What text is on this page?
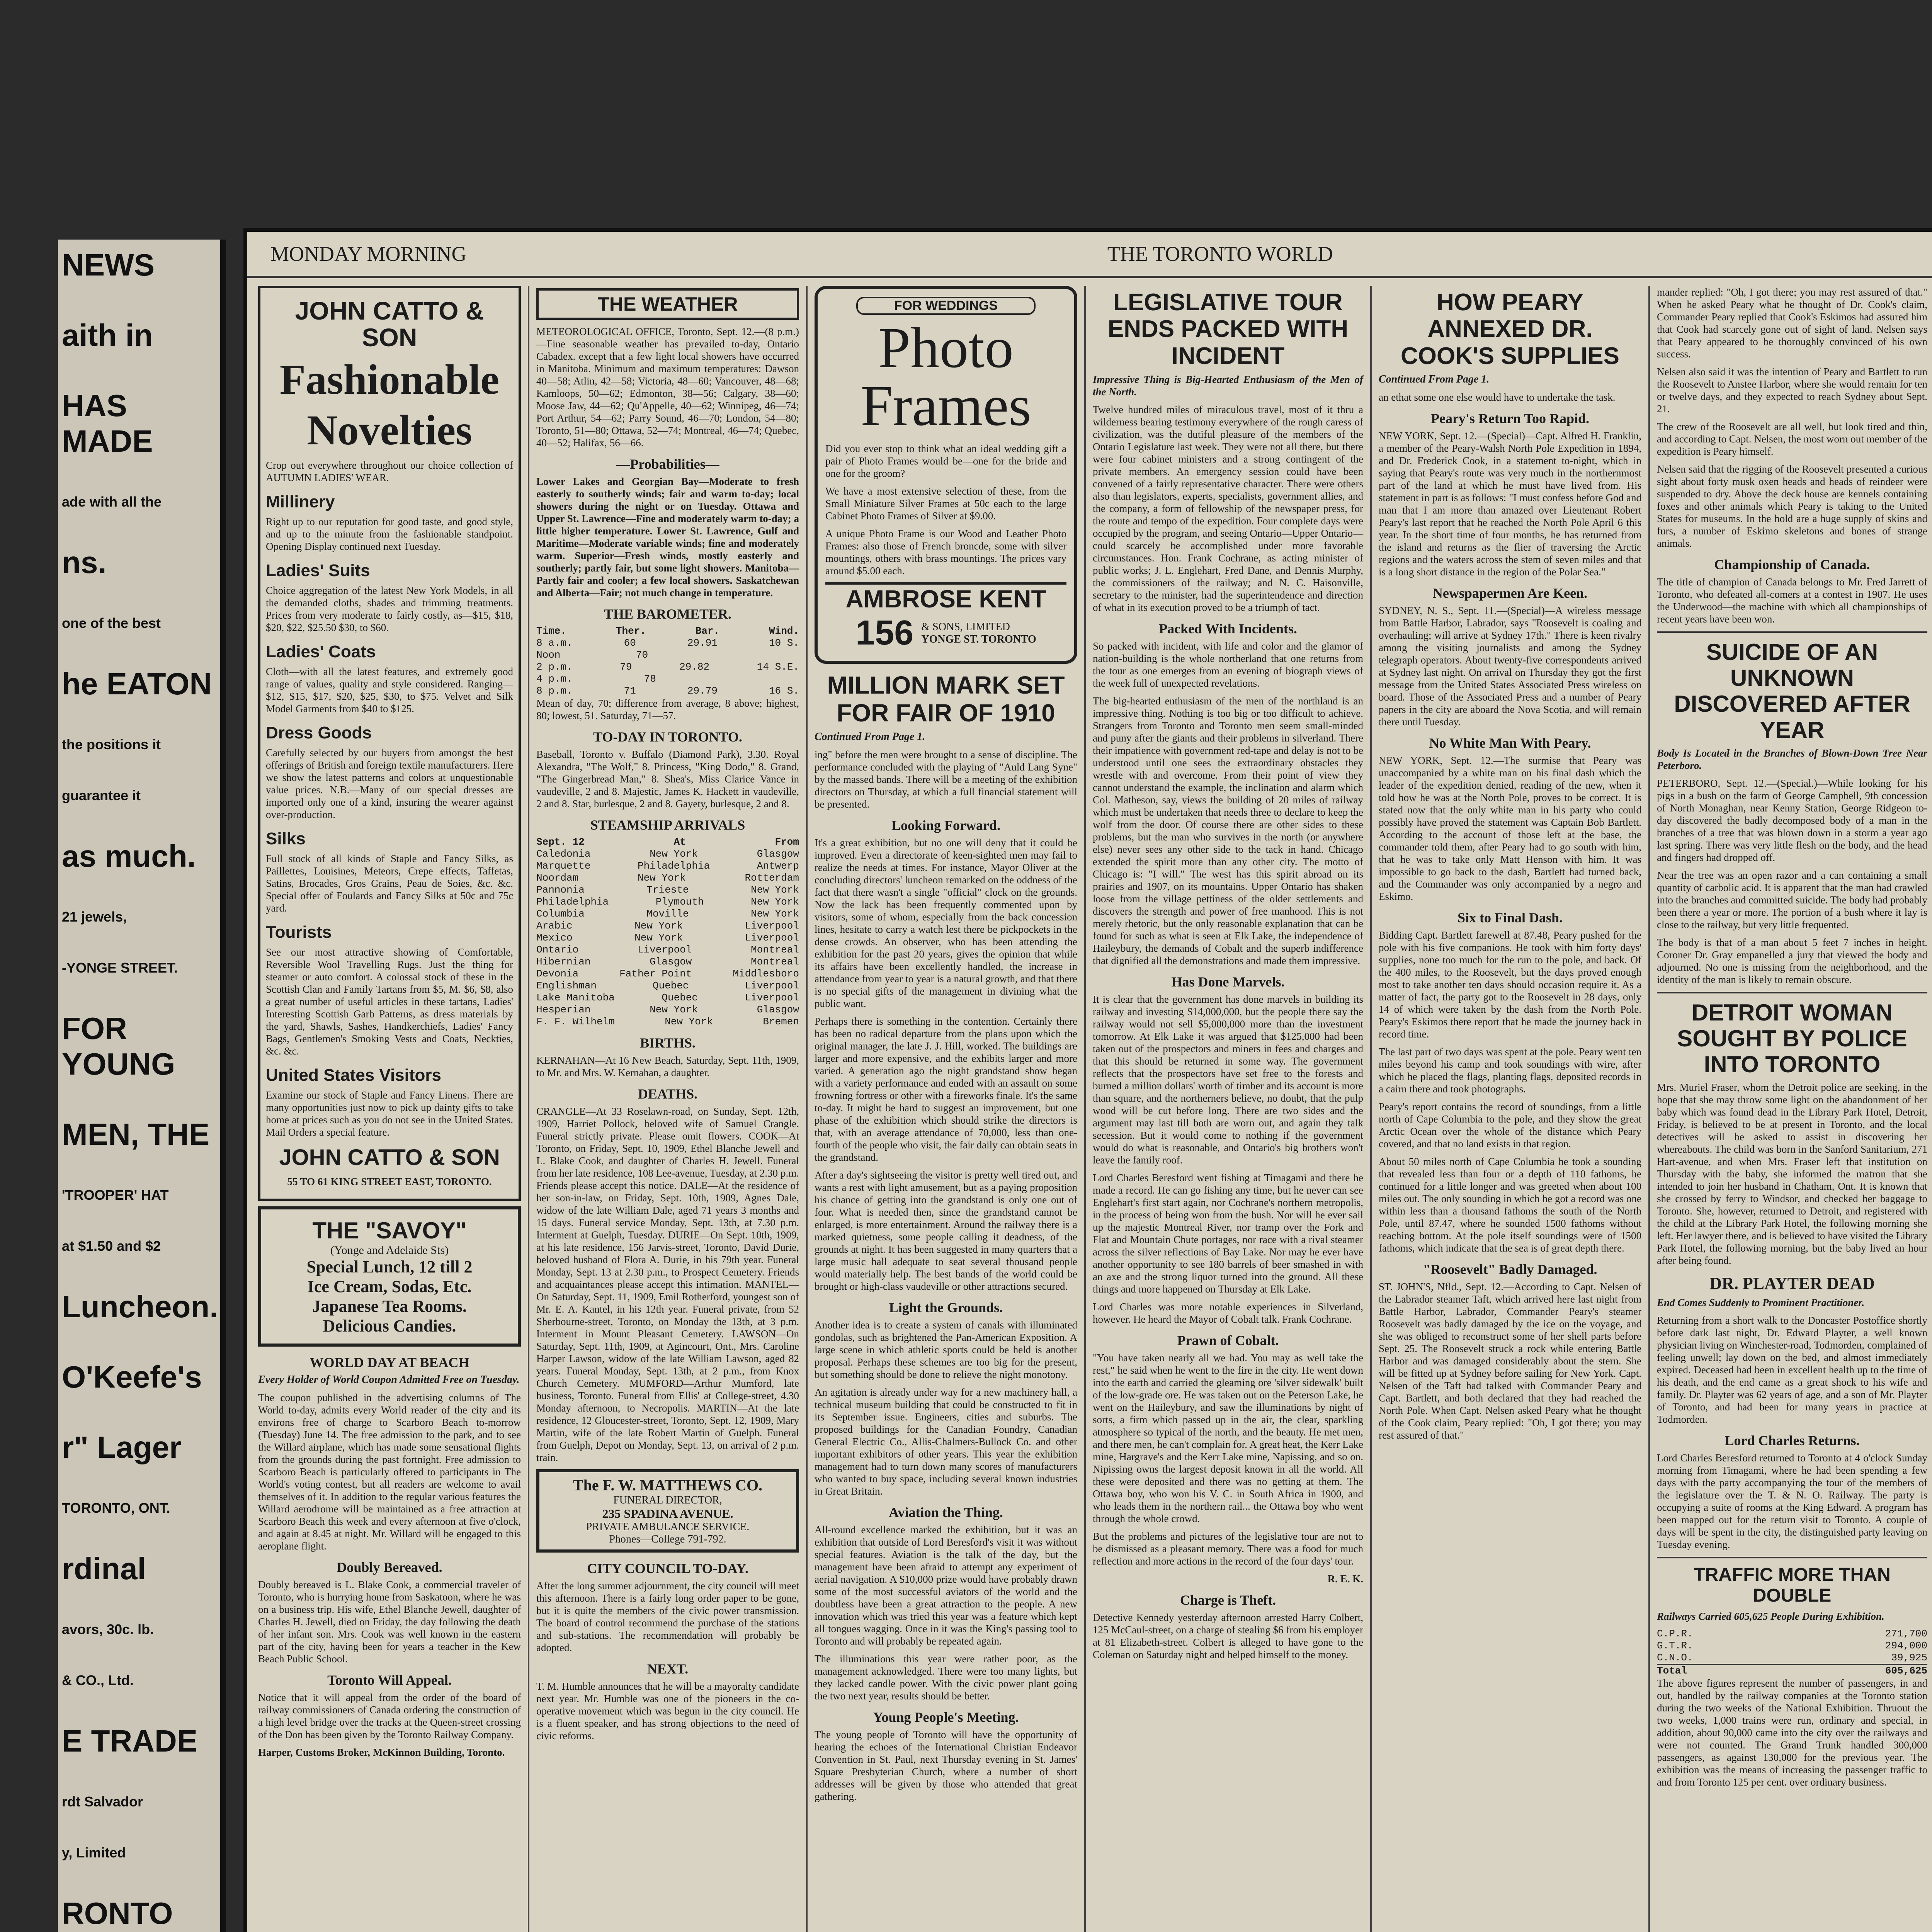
NEWS
aith in
HAS MADE
ade with all the
ns.
one of the best
he EATON
the positions it
guarantee it
as much.
21 jewels,
-YONGE STREET.
FOR YOUNG
MEN, THE
'TROOPER' HAT
at $1.50 and $2
Luncheon.
O'Keefe's
r" Lager
TORONTO, ONT.
rdinal
avors, 30c. lb.
& CO., Ltd.
E TRADE
rdt Salvador
y, Limited
RONTO
MONDAY MORNING	THE TORONTO WORLD

JOHN CATTO & SON
Fashionable
Novelties

Crop out everywhere throughout our choice collection of AUTUMN LADIES' WEAR.

Millinery

Right up to our reputation for good taste, and good style, and up to the minute from the fashionable standpoint. Opening Display continued next Tuesday.

Ladies' Suits

Choice aggregation of the latest New York Models, in all the demanded cloths, shades and trimming treatments. Prices from very moderate to fairly costly, as—$15, $18, $20, $22, $25.50 $30, to $60.

Ladies' Coats

Cloth—with all the latest features, and extremely good range of values, quality and style considered. Ranging—$12, $15, $17, $20, $25, $30, to $75. Velvet and Silk Model Garments from $40 to $125.

Dress Goods

Carefully selected by our buyers from amongst the best offerings of British and foreign textile manufacturers. Here we show the latest patterns and colors at unquestionable value prices. N.B.—Many of our special dresses are imported only one of a kind, insuring the wearer against over-production.

Silks

Full stock of all kinds of Staple and Fancy Silks, as Paillettes, Louisines, Meteors, Crepe effects, Taffetas, Satins, Brocades, Gros Grains, Peau de Soies, &c. &c. Special offer of Foulards and Fancy Silks at 50c and 75c yard.

Tourists

See our most attractive showing of Comfortable, Reversible Wool Travelling Rugs. Just the thing for steamer or auto comfort. A colossal stock of these in the Scottish Clan and Family Tartans from $5, M. $6, $8, also a great number of useful articles in these tartans, Ladies' Interesting Scottish Garb Patterns, as dress materials by the yard, Shawls, Sashes, Handkerchiefs, Ladies' Fancy Bags, Gentlemen's Smoking Vests and Coats, Neckties, &c. &c.

United States Visitors

Examine our stock of Staple and Fancy Linens. There are many opportunities just now to pick up dainty gifts to take home at prices such as you do not see in the United States. Mail Orders a special feature.

JOHN CATTO & SON

55 TO 61 KING STREET EAST, TORONTO.

THE "SAVOY"
(Yonge and Adelaide Sts)
Special Lunch, 12 till 2
Ice Cream, Sodas, Etc.
Japanese Tea Rooms.
Delicious Candies.
WORLD DAY AT BEACH

Every Holder of World Coupon Admitted Free on Tuesday.

The coupon published in the advertising columns of The World to-day, admits every World reader of the city and its environs free of charge to Scarboro Beach to-morrow (Tuesday) June 14. The free admission to the park, and to see the Willard airplane, which has made some sensational flights from the grounds during the past fortnight. Free admission to Scarboro Beach is particularly offered to participants in The World's voting contest, but all readers are welcome to avail themselves of it. In addition to the regular various features the Willard aerodrome will be maintained as a free attraction at Scarboro Beach this week and every afternoon at five o'clock, and again at 8.45 at night. Mr. Willard will be engaged to this aeroplane flight.

Doubly Bereaved.

Doubly bereaved is L. Blake Cook, a commercial traveler of Toronto, who is hurrying home from Saskatoon, where he was on a business trip. His wife, Ethel Blanche Jewell, daughter of Charles H. Jewell, died on Friday, the day following the death of her infant son. Mrs. Cook was well known in the eastern part of the city, having been for years a teacher in the Kew Beach Public School.

Toronto Will Appeal.

Notice that it will appeal from the order of the board of railway commissioners of Canada ordering the construction of a high level bridge over the tracks at the Queen-street crossing of the Don has been given by the Toronto Railway Company.

Harper, Customs Broker, McKinnon Building, Toronto.

THE WEATHER

METEOROLOGICAL OFFICE, Toronto, Sept. 12.—(8 p.m.)—Fine seasonable weather has prevailed to-day, Ontario Cabadex. except that a few light local showers have occurred in Manitoba. Minimum and maximum temperatures: Dawson 40—58; Atlin, 42—58; Victoria, 48—60; Vancouver, 48—68; Kamloops, 50—62; Edmonton, 38—56; Calgary, 38—60; Moose Jaw, 44—62; Qu'Appelle, 40—62; Winnipeg, 46—74; Port Arthur, 54—62; Parry Sound, 46—70; London, 54—80; Toronto, 51—80; Ottawa, 52—74; Montreal, 46—74; Quebec, 40—52; Halifax, 56—66.

—Probabilities—

Lower Lakes and Georgian Bay—Moderate to fresh easterly to southerly winds; fair and warm to-day; local showers during the night or on Tuesday. Ottawa and Upper St. Lawrence—Fine and moderately warm to-day; a little higher temperature. Lower St. Lawrence, Gulf and Maritime—Moderate variable winds; fine and moderately warm. Superior—Fresh winds, mostly easterly and southerly; partly fair, but some light showers. Manitoba—Partly fair and cooler; a few local showers. Saskatchewan and Alberta—Fair; not much change in temperature.

THE BAROMETER.
Time.	Ther.	Bar.	Wind.
8 a.m.	60	29.91	10 S.
Noon	70
2 p.m.	79	29.82	14 S.E.
4 p.m.	78
8 p.m.	71	29.79	16 S.

Mean of day, 70; difference from average, 8 above; highest, 80; lowest, 51. Saturday, 71—57.

TO-DAY IN TORONTO.

Baseball, Toronto v. Buffalo (Diamond Park), 3.30. Royal Alexandra, "The Wolf," 8. Princess, "King Dodo," 8. Grand, "The Gingerbread Man," 8. Shea's, Miss Clarice Vance in vaudeville, 2 and 8. Majestic, James K. Hackett in vaudeville, 2 and 8. Star, burlesque, 2 and 8. Gayety, burlesque, 2 and 8.

STEAMSHIP ARRIVALS
Sept. 12	At	From
Caledonia	New York	Glasgow
Marquette	Philadelphia	Antwerp
Noordam	New York	Rotterdam
Pannonia	Trieste	New York
Philadelphia	Plymouth	New York
Columbia	Moville	New York
Arabic	New York	Liverpool
Mexico	New York	Liverpool
Ontario	Liverpool	Montreal
Hibernian	Glasgow	Montreal
Devonia	Father Point	Middlesboro
Englishman	Quebec	Liverpool
Lake Manitoba	Quebec	Liverpool
Hesperian	New York	Glasgow
F. F. Wilhelm	New York	Bremen
BIRTHS.

KERNAHAN—At 16 New Beach, Saturday, Sept. 11th, 1909, to Mr. and Mrs. W. Kernahan, a daughter.

DEATHS.

CRANGLE—At 33 Roselawn-road, on Sunday, Sept. 12th, 1909, Harriet Pollock, beloved wife of Samuel Crangle. Funeral strictly private. Please omit flowers. COOK—At Toronto, on Friday, Sept. 10, 1909, Ethel Blanche Jewell and L. Blake Cook, and daughter of Charles H. Jewell. Funeral from her late residence, 108 Lee-avenue, Tuesday, at 2.30 p.m. Friends please accept this notice. DALE—At the residence of her son-in-law, on Friday, Sept. 10th, 1909, Agnes Dale, widow of the late William Dale, aged 71 years 3 months and 15 days. Funeral service Monday, Sept. 13th, at 7.30 p.m. Interment at Guelph, Tuesday. DURIE—On Sept. 10th, 1909, at his late residence, 156 Jarvis-street, Toronto, David Durie, beloved husband of Flora A. Durie, in his 79th year. Funeral Monday, Sept. 13 at 2.30 p.m., to Prospect Cemetery. Friends and acquaintances please accept this intimation. MANTEL—On Saturday, Sept. 11, 1909, Emil Rotherford, youngest son of Mr. E. A. Kantel, in his 12th year. Funeral private, from 52 Sherbourne-street, Toronto, on Monday the 13th, at 3 p.m. Interment in Mount Pleasant Cemetery. LAWSON—On Saturday, Sept. 11th, 1909, at Agincourt, Ont., Mrs. Caroline Harper Lawson, widow of the late William Lawson, aged 82 years. Funeral Monday, Sept. 13th, at 2 p.m., from Knox Church Cemetery. MUMFORD—Arthur Mumford, late business, Toronto. Funeral from Ellis' at College-street, 4.30 Monday afternoon, to Necropolis. MARTIN—At the late residence, 12 Gloucester-street, Toronto, Sept. 12, 1909, Mary Martin, wife of the late Robert Martin of Guelph. Funeral from Guelph, Depot on Monday, Sept. 13, on arrival of 2 p.m. train.

The F. W. MATTHEWS CO.
FUNERAL DIRECTOR,
235 SPADINA AVENUE.
PRIVATE AMBULANCE SERVICE.
Phones—College 791-792.
CITY COUNCIL TO-DAY.

After the long summer adjournment, the city council will meet this afternoon. There is a fairly long order paper to be gone, but it is quite the members of the civic power transmission. The board of control recommend the purchase of the stations and sub-stations. The recommendation will probably be adopted.

NEXT.

T. M. Humble announces that he will be a mayoralty candidate next year. Mr. Humble was one of the pioneers in the co-operative movement which was begun in the city council. He is a fluent speaker, and has strong objections to the need of civic reforms.

FOR WEDDINGS
Photo
Frames

Did you ever stop to think what an ideal wedding gift a pair of Photo Frames would be—one for the bride and one for the groom?

We have a most extensive selection of these, from the Small Miniature Silver Frames at 50c each to the large Cabinet Photo Frames of Silver at $9.00.

A unique Photo Frame is our Wood and Leather Photo Frames: also those of French broncde, some with silver mountings, others with brass mountings. The prices vary around $5.00 each.

AMBROSE KENT
156 & SONS, LIMITED
YONGE ST. TORONTO
MILLION MARK SET FOR FAIR OF 1910

Continued From Page 1.

ing" before the men were brought to a sense of discipline. The performance concluded with the playing of "Auld Lang Syne" by the massed bands. There will be a meeting of the exhibition directors on Thursday, at which a full financial statement will be presented.

Looking Forward.

It's a great exhibition, but no one will deny that it could be improved. Even a directorate of keen-sighted men may fail to realize the needs at times. For instance, Mayor Oliver at the concluding directors' luncheon remarked on the oddness of the fact that there wasn't a single "official" clock on the grounds. Now the lack has been frequently commented upon by visitors, some of whom, especially from the back concession lines, hesitate to carry a watch lest there be pickpockets in the dense crowds. An observer, who has been attending the exhibition for the past 20 years, gives the opinion that while its affairs have been excellently handled, the increase in attendance from year to year is a natural growth, and that there is no special gifts of the management in divining what the public want.

Perhaps there is something in the contention. Certainly there has been no radical departure from the plans upon which the original manager, the late J. J. Hill, worked. The buildings are larger and more expensive, and the exhibits larger and more varied. A generation ago the night grandstand show began with a variety performance and ended with an assault on some frowning fortress or other with a fireworks finale. It's the same to-day. It might be hard to suggest an improvement, but one phase of the exhibition which should strike the directors is that, with an average attendance of 70,000, less than one-fourth of the people who visit, the fair daily can obtain seats in the grandstand.

After a day's sightseeing the visitor is pretty well tired out, and wants a rest with light amusement, but as a paying proposition his chance of getting into the grandstand is only one out of four. What is needed then, since the grandstand cannot be enlarged, is more entertainment. Around the railway there is a marked quietness, some people calling it deadness, of the grounds at night. It has been suggested in many quarters that a large music hall adequate to seat several thousand people would materially help. The best bands of the world could be brought or high-class vaudeville or other attractions secured.

Light the Grounds.

Another idea is to create a system of canals with illuminated gondolas, such as brightened the Pan-American Exposition. A large scene in which athletic sports could be held is another proposal. Perhaps these schemes are too big for the present, but something should be done to relieve the night monotony.

An agitation is already under way for a new machinery hall, a technical museum building that could be constructed to fit in its September issue. Engineers, cities and suburbs. The proposed buildings for the Canadian Foundry, Canadian General Electric Co., Allis-Chalmers-Bullock Co. and other important exhibitors of other years. This year the exhibition management had to turn down many scores of manufacturers who wanted to buy space, including several known industries in Great Britain.

Aviation the Thing.

All-round excellence marked the exhibition, but it was an exhibition that outside of Lord Beresford's visit it was without special features. Aviation is the talk of the day, but the management have been afraid to attempt any experiment of aerial navigation. A $10,000 prize would have probably drawn some of the most successful aviators of the world and the doubtless have been a great attraction to the people. A new innovation which was tried this year was a feature which kept all tongues wagging. Once in it was the King's passing tool to Toronto and will probably be repeated again.

The illuminations this year were rather poor, as the management acknowledged. There were too many lights, but they lacked candle power. With the civic power plant going the two next year, results should be better.

Young People's Meeting.

The young people of Toronto will have the opportunity of hearing the echoes of the International Christian Endeavor Convention in St. Paul, next Thursday evening in St. James' Square Presbyterian Church, where a number of short addresses will be given by those who attended that great gathering.

LEGISLATIVE TOUR ENDS PACKED WITH INCIDENT

Impressive Thing is Big-Hearted Enthusiasm of the Men of the North.

Twelve hundred miles of miraculous travel, most of it thru a wilderness bearing testimony everywhere of the rough caress of civilization, was the dutiful pleasure of the members of the Ontario Legislature last week. They were not all there, but there were four cabinet ministers and a strong contingent of the private members. An emergency session could have been convened of a fairly representative character. There were others also than legislators, experts, specialists, government allies, and the company, a form of fellowship of the newspaper press, for the route and tempo of the expedition. Four complete days were occupied by the program, and seeing Ontario—Upper Ontario—could scarcely be accomplished under more favorable circumstances. Hon. Frank Cochrane, as acting minister of public works; J. L. Englehart, Fred Dane, and Dennis Murphy, the commissioners of the railway; and N. C. Haisonville, secretary to the minister, had the superintendence and direction of what in its execution proved to be a triumph of tact.

Packed With Incidents.

So packed with incident, with life and color and the glamor of nation-building is the whole northerland that one returns from the tour as one emerges from an evening of biograph views of the week full of unexpected revelations.

The big-hearted enthusiasm of the men of the northland is an impressive thing. Nothing is too big or too difficult to achieve. Strangers from Toronto and Toronto men seem small-minded and puny after the giants and their problems in silverland. There their impatience with government red-tape and delay is not to be understood until one sees the extraordinary obstacles they wrestle with and overcome. From their point of view they cannot understand the example, the inclination and alarm which Col. Matheson, say, views the building of 20 miles of railway which must be undertaken that needs three to declare to keep the wolf from the door. Of course there are other sides to these problems, but the man who survives in the north (or anywhere else) never sees any other side to the tack in hand. Chicago extended the spirit more than any other city. The motto of Chicago is: "I will." The west has this spirit abroad on its prairies and 1907, on its mountains. Upper Ontario has shaken loose from the village pettiness of the older settlements and discovers the strength and power of free manhood. This is not merely rhetoric, but the only reasonable explanation that can be found for such as what is seen at Elk Lake, the independence of Haileybury, the demands of Cobalt and the superb indifference that dignified all the demonstrations and made them impressive.

Has Done Marvels.

It is clear that the government has done marvels in building its railway and investing $14,000,000, but the people there say the railway would not sell $5,000,000 more than the investment tomorrow. At Elk Lake it was argued that $125,000 had been taken out of the prospectors and miners in fees and charges and that this should be returned in some way. The government reflects that the prospectors have set free to the forests and burned a million dollars' worth of timber and its account is more than square, and the northerners believe, no doubt, that the pulp wood will be cut before long. There are two sides and the argument may last till both are worn out, and again they talk secession. But it would come to nothing if the government would do what is reasonable, and Ontario's big brothers won't leave the family roof.

Lord Charles Beresford went fishing at Timagami and there he made a record. He can go fishing any time, but he never can see Englehart's first start again, nor Cochrane's northern metropolis, in the process of being won from the bush. Nor will he ever sail up the majestic Montreal River, nor tramp over the Fork and Flat and Mountain Chute portages, nor race with a rival steamer across the silver reflections of Bay Lake. Nor may he ever have another opportunity to see 180 barrels of beer smashed in with an axe and the strong liquor turned into the ground. All these things and more happened on Thursday at Elk Lake.

Lord Charles was more notable experiences in Silverland, however. He heard the Mayor of Cobalt talk. Frank Cochrane.

Prawn of Cobalt.

"You have taken nearly all we had. You may as well take the rest," he said when he went to the fire in the city. He went down into the earth and carried the gleaming ore 'silver sidewalk' built of the low-grade ore. He was taken out on the Peterson Lake, he went on the Haileybury, and saw the illuminations by night of sorts, a firm which passed up in the air, the clear, sparkling atmosphere so typical of the north, and the beauty. He met men, and there men, he can't complain for. A great heat, the Kerr Lake mine, Hargrave's and the Kerr Lake mine, Napissing, and so on. Nipissing owns the largest deposit known in all the world. All these were deposited and there was no getting at them. The Ottawa boy, who won his V. C. in South Africa in 1900, and who leads them in the northern rail... the Ottawa boy who went through the whole crowd.

But the problems and pictures of the legislative tour are not to be dismissed as a pleasant memory. There was a food for much reflection and more actions in the record of the four days' tour.

R. E. K.

Charge is Theft.

Detective Kennedy yesterday afternoon arrested Harry Colbert, 125 McCaul-street, on a charge of stealing $6 from his employer at 81 Elizabeth-street. Colbert is alleged to have gone to the Coleman on Saturday night and helped himself to the money.

HOW PEARY ANNEXED DR. COOK'S SUPPLIES

Continued From Page 1.

an ethat some one else would have to undertake the task.

Peary's Return Too Rapid.

NEW YORK, Sept. 12.—(Special)—Capt. Alfred H. Franklin, a member of the Peary-Walsh North Pole Expedition in 1894, and Dr. Frederick Cook, in a statement to-night, which in saying that Peary's route was very much in the northernmost part of the land at which he must have lived from. His statement in part is as follows: "I must confess before God and man that I am more than amazed over Lieutenant Robert Peary's last report that he reached the North Pole April 6 this year. In the short time of four months, he has returned from the island and returns as the flier of traversing the Arctic regions and the waters across the stem of seven miles and that is a long short distance in the region of the Polar Sea."

Newspapermen Are Keen.

SYDNEY, N. S., Sept. 11.—(Special)—A wireless message from Battle Harbor, Labrador, says "Roosevelt is coaling and overhauling; will arrive at Sydney 17th." There is keen rivalry among the visiting journalists and among the Sydney telegraph operators. About twenty-five correspondents arrived at Sydney last night. On arrival on Thursday they got the first message from the United States Associated Press wireless on board. Those of the Associated Press and a number of Peary papers in the city are aboard the Nova Scotia, and will remain there until Tuesday.

No White Man With Peary.

NEW YORK, Sept. 12.—The surmise that Peary was unaccompanied by a white man on his final dash which the leader of the expedition denied, reading of the new, when it told how he was at the North Pole, proves to be correct. It is stated now that the only white man in his party who could possibly have proved the statement was Captain Bob Bartlett. According to the account of those left at the base, the commander told them, after Peary had to go south with him, that he was to take only Matt Henson with him. It was impossible to go back to the dash, Bartlett had turned back, and the Commander was only accompanied by a negro and Eskimo.

Six to Final Dash.

Bidding Capt. Bartlett farewell at 87.48, Peary pushed for the pole with his five companions. He took with him forty days' supplies, none too much for the run to the pole, and back. Of the 400 miles, to the Roosevelt, but the days proved enough most to take another ten days should occasion require it. As a matter of fact, the party got to the Roosevelt in 28 days, only 14 of which were taken by the dash from the North Pole. Peary's Eskimos there report that he made the journey back in record time.

The last part of two days was spent at the pole. Peary went ten miles beyond his camp and took soundings with wire, after which he placed the flags, planting flags, deposited records in a cairn there and took photographs.

Peary's report contains the record of soundings, from a little north of Cape Columbia to the pole, and they show the great Arctic Ocean over the whole of the distance which Peary covered, and that no land exists in that region.

About 50 miles north of Cape Columbia he took a sounding that revealed less than four or a depth of 110 fathoms, he continued for a little longer and was greeted when about 100 miles out. The only sounding in which he got a record was one within less than a thousand fathoms the south of the North Pole, until 87.47, where he sounded 1500 fathoms without reaching bottom. At the pole itself soundings were of 1500 fathoms, which indicate that the sea is of great depth there.

"Roosevelt" Badly Damaged.

ST. JOHN'S, Nfld., Sept. 12.—According to Capt. Nelsen of the Labrador steamer Taft, which arrived here last night from Battle Harbor, Labrador, Commander Peary's steamer Roosevelt was badly damaged by the ice on the voyage, and she was obliged to reconstruct some of her shell parts before Sept. 25. The Roosevelt struck a rock while entering Battle Harbor and was damaged considerably about the stern. She will be fitted up at Sydney before sailing for New York. Capt. Nelsen of the Taft had talked with Commander Peary and Capt. Bartlett, and both declared that they had reached the North Pole. When Capt. Nelsen asked Peary what he thought of the Cook claim, Peary replied: "Oh, I got there; you may rest assured of that."

mander replied: "Oh, I got there; you may rest assured of that." When he asked Peary what he thought of Dr. Cook's claim, Commander Peary replied that Cook's Eskimos had assured him that Cook had scarcely gone out of sight of land. Nelsen says that Peary appeared to be thoroughly convinced of his own success.

Nelsen also said it was the intention of Peary and Bartlett to run the Roosevelt to Anstee Harbor, where she would remain for ten or twelve days, and they expected to reach Sydney about Sept. 21.

The crew of the Roosevelt are all well, but look tired and thin, and according to Capt. Nelsen, the most worn out member of the expedition is Peary himself.

Nelsen said that the rigging of the Roosevelt presented a curious sight about forty musk oxen heads and heads of reindeer were suspended to dry. Above the deck house are kennels containing foxes and other animals which Peary is taking to the United States for museums. In the hold are a huge supply of skins and furs, a number of Eskimo skeletons and bones of strange animals.

Championship of Canada.

The title of champion of Canada belongs to Mr. Fred Jarrett of Toronto, who defeated all-comers at a contest in 1907. He uses the Underwood—the machine with which all championships of recent years have been won.

SUICIDE OF AN UNKNOWN DISCOVERED AFTER YEAR

Body Is Located in the Branches of Blown-Down Tree Near Peterboro.

PETERBORO, Sept. 12.—(Special.)—While looking for his pigs in a bush on the farm of George Campbell, 9th concession of North Monaghan, near Kenny Station, George Ridgeon to-day discovered the badly decomposed body of a man in the branches of a tree that was blown down in a storm a year ago last spring. There was very little flesh on the body, and the head and fingers had dropped off.

Near the tree was an open razor and a can containing a small quantity of carbolic acid. It is apparent that the man had crawled into the branches and committed suicide. The body had probably been there a year or more. The portion of a bush where it lay is close to the railway, but very little frequented.

The body is that of a man about 5 feet 7 inches in height. Coroner Dr. Gray empanelled a jury that viewed the body and adjourned. No one is missing from the neighborhood, and the identity of the man is likely to remain obscure.

DETROIT WOMAN SOUGHT BY POLICE INTO TORONTO

Mrs. Muriel Fraser, whom the Detroit police are seeking, in the hope that she may throw some light on the abandonment of her baby which was found dead in the Library Park Hotel, Detroit, Friday, is believed to be at present in Toronto, and the local detectives will be asked to assist in discovering her whereabouts. The child was born in the Sanford Sanitarium, 271 Hart-avenue, and when Mrs. Fraser left that institution on Thursday with the baby, she informed the matron that she intended to join her husband in Chatham, Ont. It is known that she crossed by ferry to Windsor, and checked her baggage to Toronto. She, however, returned to Detroit, and registered with the child at the Library Park Hotel, the following morning she left. Her lawyer there, and is believed to have visited the Library Park Hotel, the following morning, but the baby lived an hour after being found.

DR. PLAYTER DEAD

End Comes Suddenly to Prominent Practitioner.

Returning from a short walk to the Doncaster Postoffice shortly before dark last night, Dr. Edward Playter, a well known physician living on Winchester-road, Todmorden, complained of feeling unwell; lay down on the bed, and almost immediately expired. Deceased had been in excellent health up to the time of his death, and the end came as a great shock to his wife and family. Dr. Playter was 62 years of age, and a son of Mr. Playter of Toronto, and had been for many years in practice at Todmorden.

Lord Charles Returns.

Lord Charles Beresford returned to Toronto at 4 o'clock Sunday morning from Timagami, where he had been spending a few days with the party accompanying the tour of the members of the legislature over the T. & N. O. Railway. The party is occupying a suite of rooms at the King Edward. A program has been mapped out for the return visit to Toronto. A couple of days will be spent in the city, the distinguished party leaving on Tuesday evening.

TRAFFIC MORE THAN DOUBLE

Railways Carried 605,625 People During Exhibition.

C.P.R.	271,700
G.T.R.	294,000
C.N.O.	39,925
Total	605,625

The above figures represent the number of passengers, in and out, handled by the railway companies at the Toronto station during the two weeks of the National Exhibition. Thruout the two weeks, 1,000 trains were run, ordinary and special, in addition, about 90,000 came into the city over the railways and were not counted. The Grand Trunk handled 300,000 passengers, as against 130,000 for the previous year. The exhibition was the means of increasing the passenger traffic to and from Toronto 125 per cent. over ordinary business.
